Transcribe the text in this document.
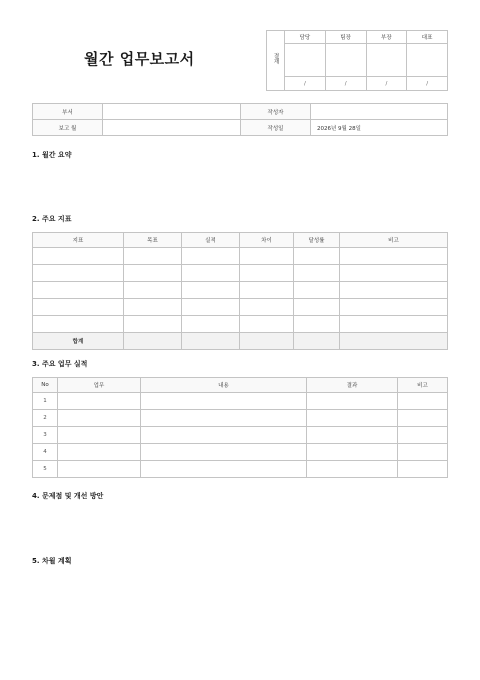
월간 업무보고서	결재	담당	팀장	부장	대표

	/	/	/	/
부서		작성자	
보고 월		작성일	2026년 9월 28일
1. 월간 요약
2. 주요 지표
지표	목표	실적	차이	달성률	비고

합계					
3. 주요 업무 실적
No	업무	내용	결과	비고
1				
2				
3				
4				
5				
4. 문제점 및 개선 방안
5. 차월 계획
